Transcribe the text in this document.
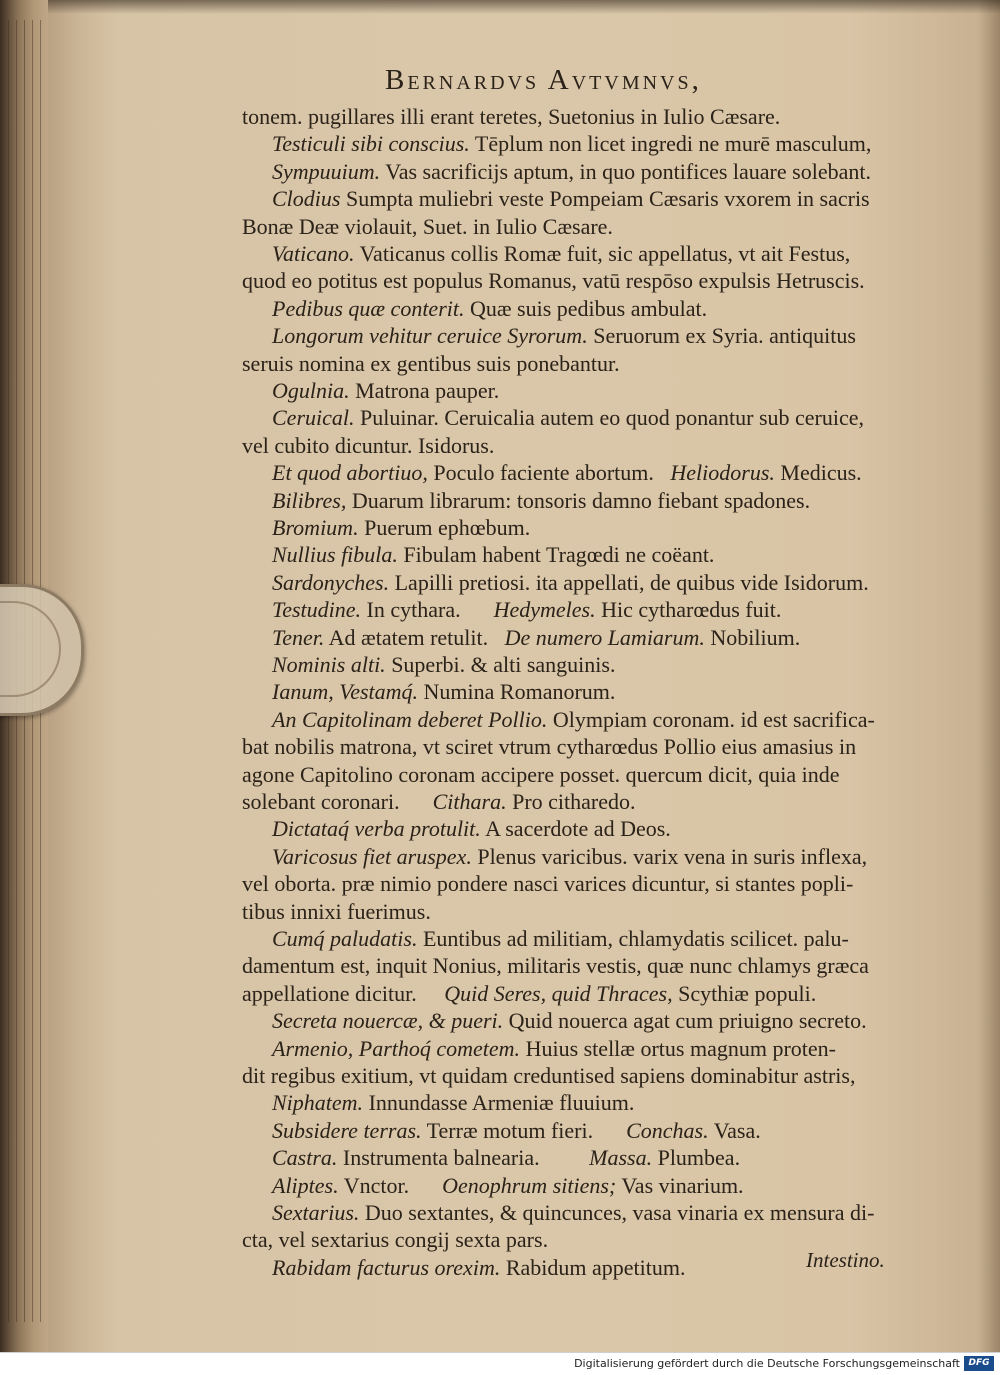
Bernardvs Avtvmnvs,
tonem. pugillares illi erant teretes, Suetonius in Iulio Cæsare.
Testiculi sibi conscius. Tēplum non licet ingredi ne murē masculum,
Sympuuium. Vas sacrificijs aptum, in quo pontifices lauare solebant.
Clodius Sumpta muliebri veste Pompeiam Cæsaris vxorem in sacris
Bonæ Deæ violauit, Suet. in Iulio Cæsare.
Vaticano. Vaticanus collis Romæ fuit, sic appellatus, vt ait Festus,
quod eo potitus est populus Romanus, vatū respōso expulsis Hetruscis.
Pedibus quæ conterit. Quæ suis pedibus ambulat.
Longorum vehitur ceruice Syrorum. Seruorum ex Syria. antiquitus
seruis nomina ex gentibus suis ponebantur.
Ogulnia. Matrona pauper.
Ceruical. Puluinar. Ceruicalia autem eo quod ponantur sub ceruice,
vel cubito dicuntur. Isidorus.
Et quod abortiuo, Poculo faciente abortum.   Heliodorus. Medicus.
Bilibres, Duarum librarum: tonsoris damno fiebant spadones.
Bromium. Puerum ephœbum.
Nullius fibula. Fibulam habent Tragœdi ne coëant.
Sardonyches. Lapilli pretiosi. ita appellati, de quibus vide Isidorum.
Testudine. In cythara.      Hedymeles. Hic cytharœdus fuit.
Tener. Ad ætatem retulit.   De numero Lamiarum. Nobilium.
Nominis alti. Superbi. & alti sanguinis.
Ianum, Vestamq́. Numina Romanorum.
An Capitolinam deberet Pollio. Olympiam coronam. id est sacrifica-
bat nobilis matrona, vt sciret vtrum cytharœdus Pollio eius amasius in
agone Capitolino coronam accipere posset. quercum dicit, quia inde
solebant coronari.      Cithara. Pro citharedo.
Dictataq́ verba protulit. A sacerdote ad Deos.
Varicosus fiet aruspex. Plenus varicibus. varix vena in suris inflexa,
vel oborta. præ nimio pondere nasci varices dicuntur, si stantes popli-
tibus innixi fuerimus.
Cumq́ paludatis. Euntibus ad militiam, chlamydatis scilicet. palu-
damentum est, inquit Nonius, militaris vestis, quæ nunc chlamys græca
appellatione dicitur.     Quid Seres, quid Thraces, Scythiæ populi.
Secreta nouercæ, & pueri. Quid nouerca agat cum priuigno secreto.
Armenio, Parthoq́ cometem. Huius stellæ ortus magnum proten-
dit regibus exitium, vt quidam creduntised sapiens dominabitur astris,
Niphatem. Innundasse Armeniæ fluuium.
Subsidere terras. Terræ motum fieri.      Conchas. Vasa.
Castra. Instrumenta balnearia.         Massa. Plumbea.
Aliptes. Vnctor.      Oenophrum sitiens; Vas vinarium.
Sextarius. Duo sextantes, & quincunces, vasa vinaria ex mensura di-
cta, vel sextarius congij sexta pars.
Rabidam facturus orexim. Rabidum appetitum.	Intestino.
Digitalisierung gefördert durch die Deutsche Forschungsgemeinschaft DFG
